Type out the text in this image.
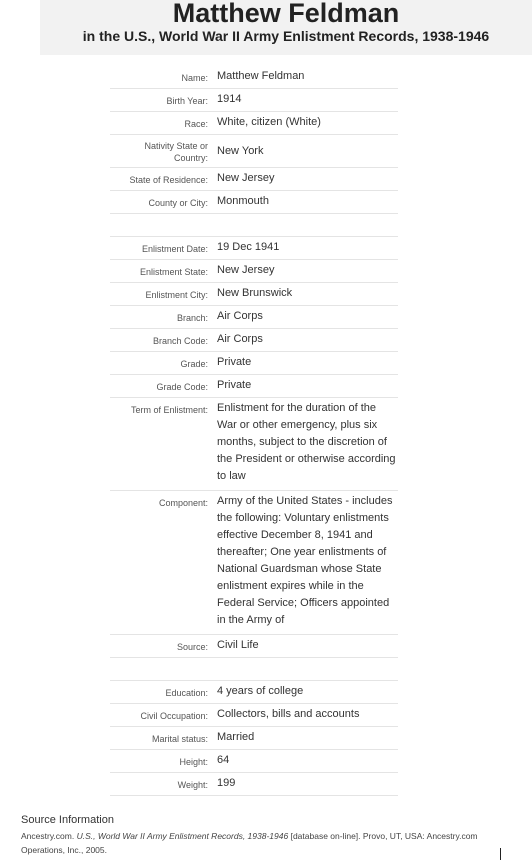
Matthew Feldman
in the U.S., World War II Army Enlistment Records, 1938-1946
Name: Matthew Feldman
Birth Year: 1914
Race: White, citizen (White)
Nativity State or Country:
New York
State of Residence: New Jersey
County or City: Monmouth
Enlistment Date: 19 Dec 1941
Enlistment State: New Jersey
Enlistment City: New Brunswick
Branch: Air Corps
Branch Code: Air Corps
Grade: Private
Grade Code: Private
Term of Enlistment: Enlistment for the duration of the War or other emergency, plus six months, subject to the discretion of the President or otherwise according to law
Component: Army of the United States - includes the following: Voluntary enlistments effective December 8, 1941 and thereafter; One year enlistments of National Guardsman whose State enlistment expires while in the Federal Service; Officers appointed in the Army of
Source: Civil Life
Education: 4 years of college
Civil Occupation: Collectors, bills and accounts
Marital status: Married
Height: 64
Weight: 199
Source Information
Ancestry.com. U.S., World War II Army Enlistment Records, 1938-1946 [database on-line]. Provo, UT, USA: Ancestry.com Operations, Inc., 2005.
